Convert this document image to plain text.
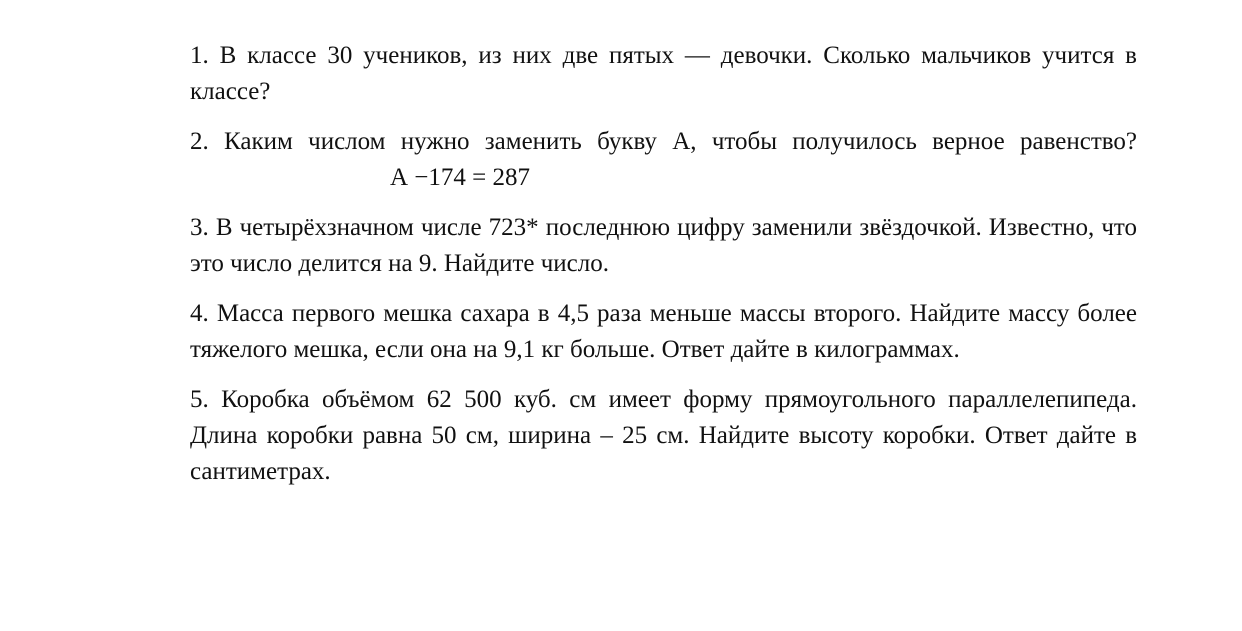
1. В классе 30 учеников, из них две пятых — девочки. Сколько мальчиков учится в классе?

2. Каким числом нужно заменить букву А, чтобы получилось верное равенство? А −174 = 287

3. В четырёхзначном числе 723* последнюю цифру заменили звёздочкой. Известно, что это число делится на 9. Найдите число.

4. Масса первого мешка сахара в 4,5 раза меньше массы второго. Найдите массу более тяжелого мешка, если она на 9,1 кг больше. Ответ дайте в килограммах.

5. Коробка объёмом 62 500 куб. см имеет форму прямоугольного параллелепипеда. Длина коробки равна 50 см, ширина – 25 см. Найдите высоту коробки. Ответ дайте в сантиметрах.
